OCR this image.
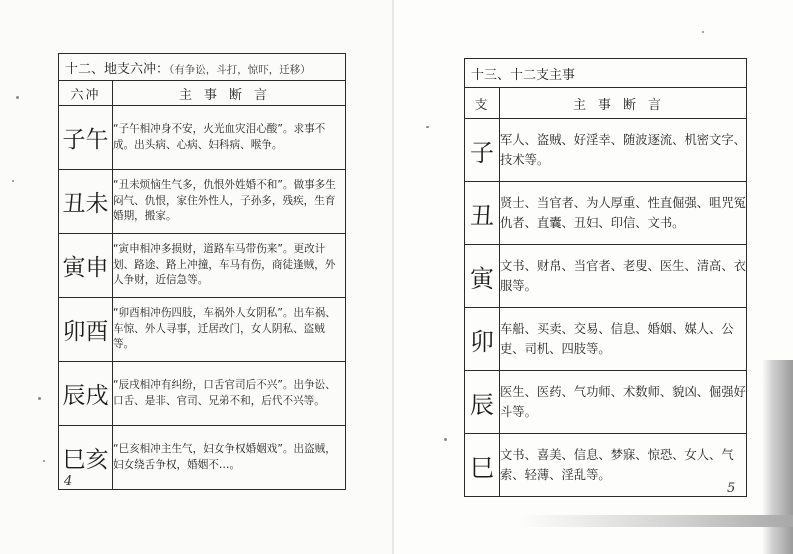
十二、地支六冲：（有争讼，斗打，惊吓，迁移）	

六冲	主事断言
子午	“子午相冲身不安，火光血灾泪心酸”。求事不成。出头病、心病、妇科病、喉争。
丑未	“丑未烦恼生气多，仇恨外姓婚不和”。做事多生闷气、仇恨，家住外性人，子孙多，残疾，生育婚期，搬家。
寅申	“寅申相冲多损财，道路车马带伤来”。更改计划、路途、路上冲撞，车马有伤，商徒逢贼，外人争财，近信急等。
卯酉	“卯酉相冲伤四肢，车祸外人女阴私”。出车祸、车惊、外人寻事，迁居改门，女人阴私、盗贼等。
辰戌	“辰戌相冲有纠纷，口舌官司后不兴”。出争讼、口舌、是非、官司、兄弟不和，后代不兴等。
巳亥	“巳亥相冲主生气，妇女争权婚姻戏”。出盗贼，妇女绕舌争权，婚姻不…。
4
十三、十二支主事	

支	主事断言
子	军人、盗贼、好淫幸、随波逐流、机密文字、技术等。
丑	贤士、当官者、为人厚重、性直倔强、咀咒冤仇者、直囊、丑妇、印信、文书。
寅	文书、财帛、当官者、老叟、医生、清高、衣服等。
卯	车船、买卖、交易、信息、婚姻、媒人、公吏、司机、四肢等。
辰	医生、医药、气功师、术数师、貌凶、倔强好斗等。
巳	文书、喜美、信息、梦寐、惊恐、女人、气索、轻薄、淫乱等。
5
